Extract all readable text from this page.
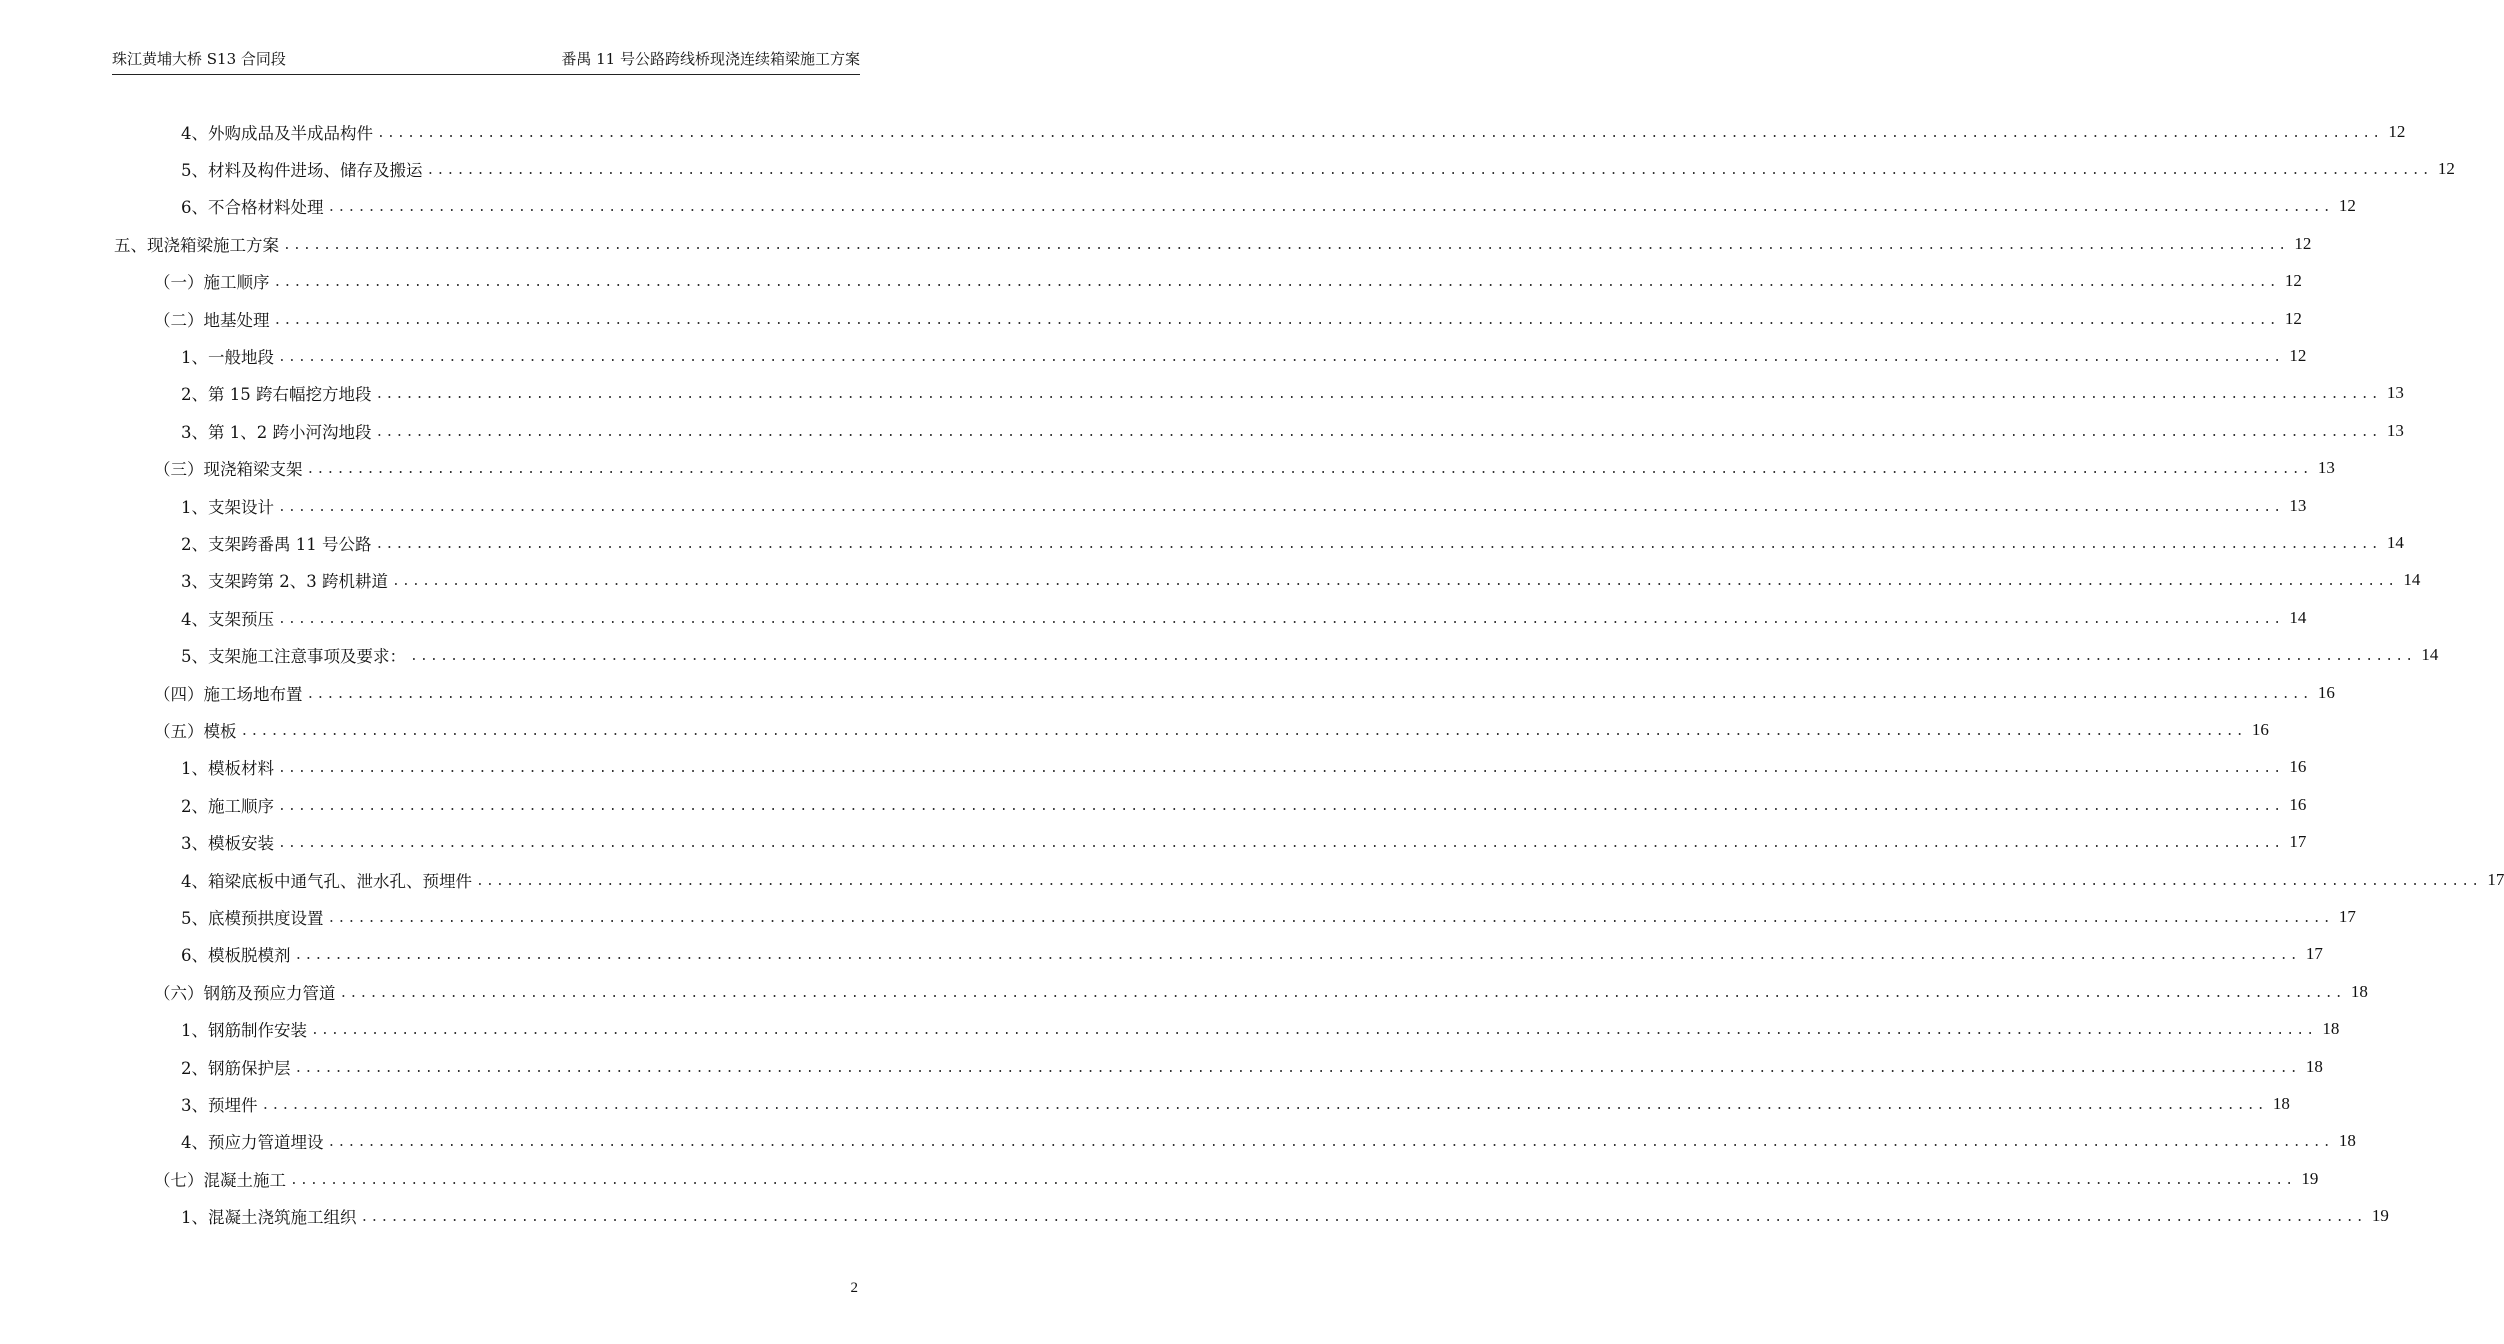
珠江黄埔大桥 S13 合同段	番禺 11 号公路跨线桥现浇连续箱梁施工方案
4、外购成品及半成品构件 ........................................................................................................................................................................................................ 12
5、材料及构件进场、储存及搬运 ........................................................................................................................................................................................................ 12
6、不合格材料处理 ........................................................................................................................................................................................................ 12
五、现浇箱梁施工方案 ........................................................................................................................................................................................................ 12
（一）施工顺序 ........................................................................................................................................................................................................ 12
（二）地基处理 ........................................................................................................................................................................................................ 12
1、一般地段 ........................................................................................................................................................................................................ 12
2、第 15 跨右幅挖方地段 ........................................................................................................................................................................................................ 13
3、第 1、2 跨小河沟地段 ........................................................................................................................................................................................................ 13
（三）现浇箱梁支架 ........................................................................................................................................................................................................ 13
1、支架设计 ........................................................................................................................................................................................................ 13
2、支架跨番禺 11 号公路 ........................................................................................................................................................................................................ 14
3、支架跨第 2、3 跨机耕道 ........................................................................................................................................................................................................ 14
4、支架预压 ........................................................................................................................................................................................................ 14
5、支架施工注意事项及要求： ........................................................................................................................................................................................................ 14
（四）施工场地布置 ........................................................................................................................................................................................................ 16
（五）模板 ........................................................................................................................................................................................................ 16
1、模板材料 ........................................................................................................................................................................................................ 16
2、施工顺序 ........................................................................................................................................................................................................ 16
3、模板安装 ........................................................................................................................................................................................................ 17
4、箱梁底板中通气孔、泄水孔、预埋件 ........................................................................................................................................................................................................ 17
5、底模预拱度设置 ........................................................................................................................................................................................................ 17
6、模板脱模剂 ........................................................................................................................................................................................................ 17
（六）钢筋及预应力管道 ........................................................................................................................................................................................................ 18
1、钢筋制作安装 ........................................................................................................................................................................................................ 18
2、钢筋保护层 ........................................................................................................................................................................................................ 18
3、预埋件 ........................................................................................................................................................................................................ 18
4、预应力管道埋设 ........................................................................................................................................................................................................ 18
（七）混凝土施工 ........................................................................................................................................................................................................ 19
1、混凝土浇筑施工组织 ........................................................................................................................................................................................................ 19
2
